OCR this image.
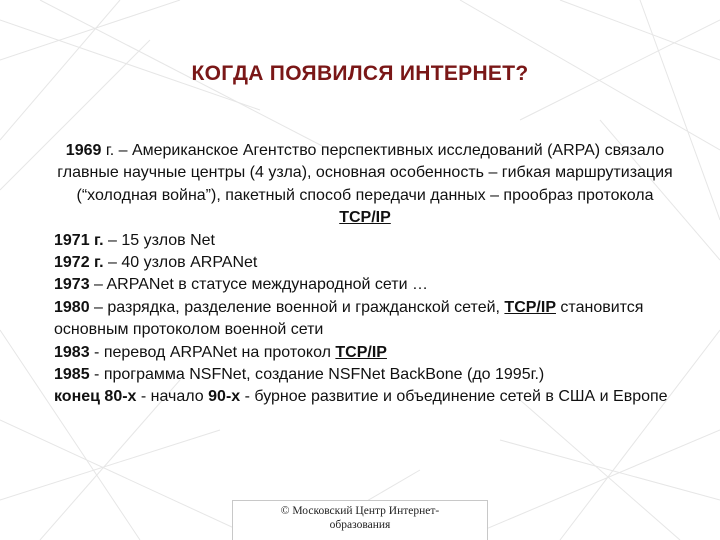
КОГДА ПОЯВИЛСЯ ИНТЕРНЕТ?

1969 г. – Американское Агентство перспективных исследований (ARPA) связало главные научные центры (4 узла), основная особенность – гибкая маршрутизация (“холодная война”), пакетный способ передачи данных – прообраз протокола TCP/IP

1971 г. – 15 узлов Net
1972 г. – 40 узлов ARPANet
1973 – ARPANet в статусе международной сети …
1980 – разрядка, разделение военной и гражданской сетей, TCP/IP становится основным протоколом военной сети
1983 - перевод ARPANet на протокол TCP/IP
1985 - программа NSFNet, создание NSFNet BackBone (до 1995г.)
конец 80-х - начало 90-х - бурное развитие и объединение сетей в США и Европе
© Московский Центр Интернет-
образования
